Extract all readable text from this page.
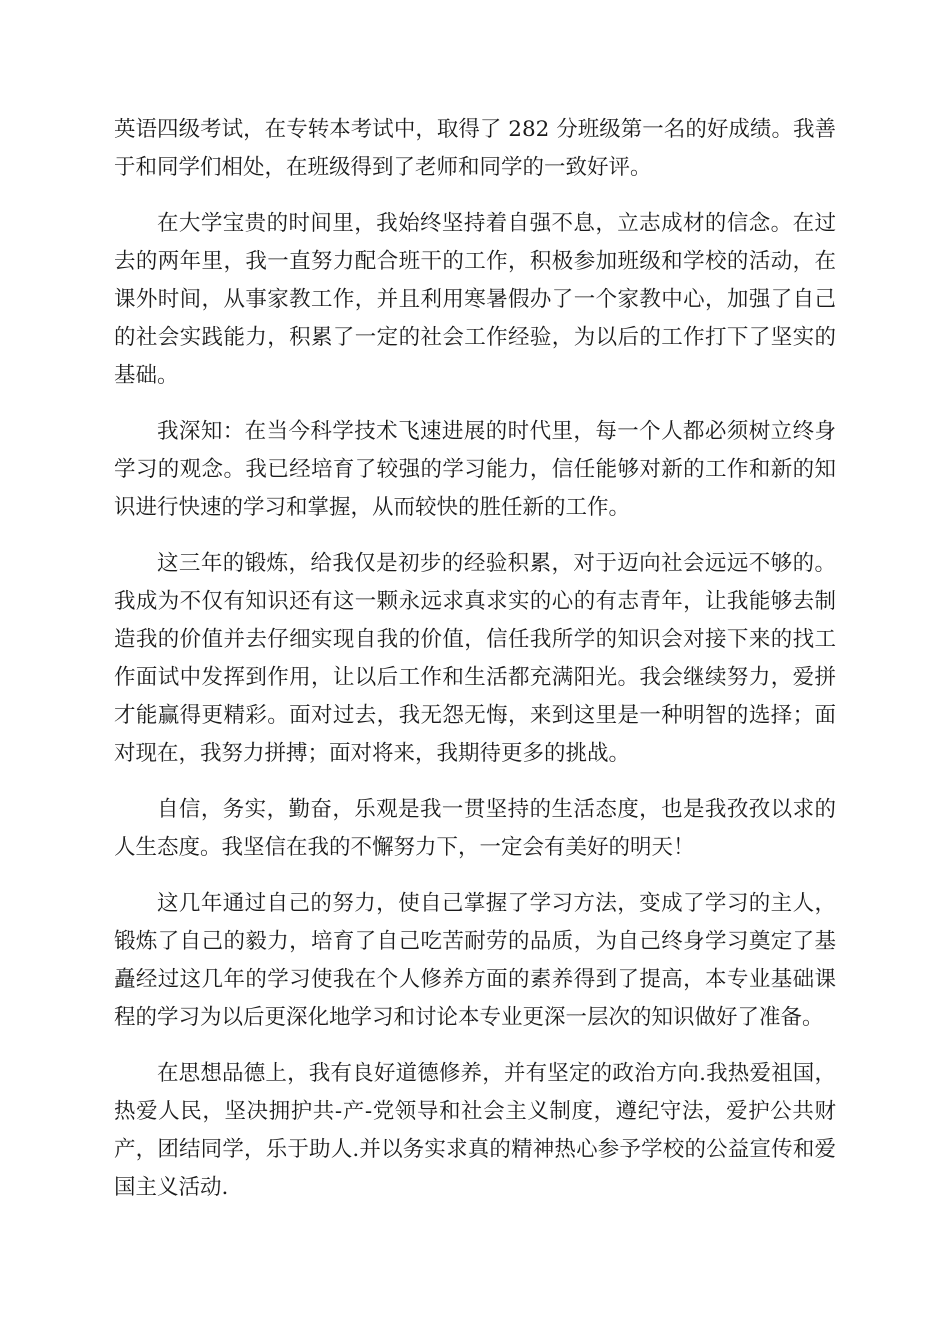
英语四级考试，在专转本考试中，取得了 282 分班级第一名的好成绩。我善于和同学们相处，在班级得到了老师和同学的一致好评。

在大学宝贵的时间里，我始终坚持着自强不息，立志成材的信念。在过去的两年里，我一直努力配合班干的工作，积极参加班级和学校的活动，在课外时间，从事家教工作，并且利用寒暑假办了一个家教中心，加强了自己的社会实践能力，积累了一定的社会工作经验，为以后的工作打下了坚实的基础。

我深知：在当今科学技术飞速进展的时代里，每一个人都必须树立终身学习的观念。我已经培育了较强的学习能力，信任能够对新的工作和新的知识进行快速的学习和掌握，从而较快的胜任新的工作。

这三年的锻炼，给我仅是初步的经验积累，对于迈向社会远远不够的。我成为不仅有知识还有这一颗永远求真求实的心的有志青年，让我能够去制造我的价值并去仔细实现自我的价值，信任我所学的知识会对接下来的找工作面试中发挥到作用，让以后工作和生活都充满阳光。我会继续努力，爱拼才能赢得更精彩。面对过去，我无怨无悔，来到这里是一种明智的选择；面对现在，我努力拼搏；面对将来，我期待更多的挑战。

自信，务实，勤奋，乐观是我一贯坚持的生活态度，也是我孜孜以求的人生态度。我坚信在我的不懈努力下，一定会有美好的明天！

这几年通过自己的努力，使自己掌握了学习方法，变成了学习的主人，锻炼了自己的毅力，培育了自己吃苦耐劳的品质，为自己终身学习奠定了基矗经过这几年的学习使我在个人修养方面的素养得到了提高，本专业基础课程的学习为以后更深化地学习和讨论本专业更深一层次的知识做好了准备。

在思想品德上，我有良好道德修养，并有坚定的政治方向.我热爱祖国，热爱人民，坚决拥护共-产-党领导和社会主义制度，遵纪守法，爱护公共财产，团结同学，乐于助人.并以务实求真的精神热心参予学校的公益宣传和爱国主义活动.
